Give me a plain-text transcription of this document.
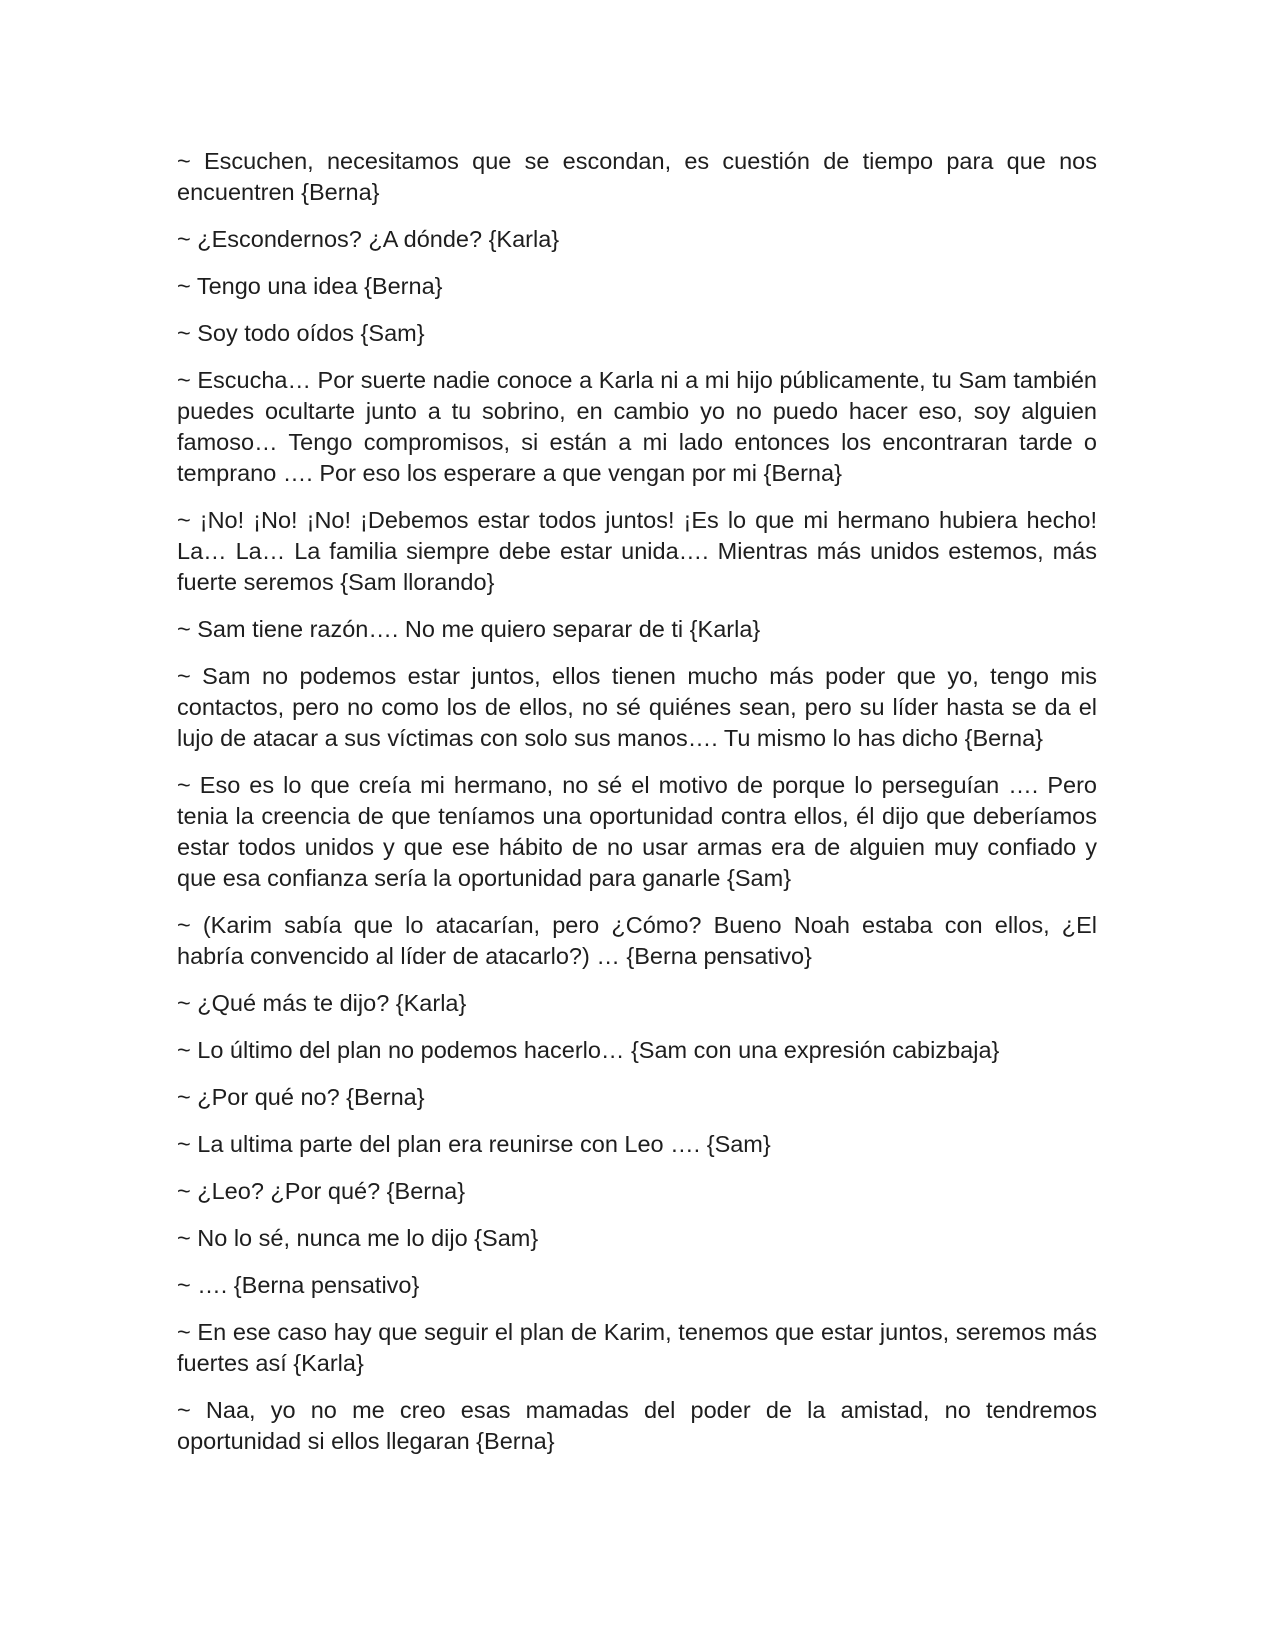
~ Escuchen, necesitamos que se escondan, es cuestión de tiempo para que nos encuentren {Berna}

~ ¿Escondernos? ¿A dónde? {Karla}

~ Tengo una idea {Berna}

~ Soy todo oídos {Sam}

~ Escucha… Por suerte nadie conoce a Karla ni a mi hijo públicamente, tu Sam también puedes ocultarte junto a tu sobrino, en cambio yo no puedo hacer eso, soy alguien famoso… Tengo compromisos, si están a mi lado entonces los encontraran tarde o temprano …. Por eso los esperare a que vengan por mi {Berna}

~ ¡No! ¡No! ¡No! ¡Debemos estar todos juntos! ¡Es lo que mi hermano hubiera hecho! La… La… La familia siempre debe estar unida…. Mientras más unidos estemos, más fuerte seremos {Sam llorando}

~ Sam tiene razón…. No me quiero separar de ti {Karla}

~ Sam no podemos estar juntos, ellos tienen mucho más poder que yo, tengo mis contactos, pero no como los de ellos, no sé quiénes sean, pero su líder hasta se da el lujo de atacar a sus víctimas con solo sus manos…. Tu mismo lo has dicho {Berna}

~ Eso es lo que creía mi hermano, no sé el motivo de porque lo perseguían …. Pero tenia la creencia de que teníamos una oportunidad contra ellos, él dijo que deberíamos estar todos unidos y que ese hábito de no usar armas era de alguien muy confiado y que esa confianza sería la oportunidad para ganarle {Sam}

~ (Karim sabía que lo atacarían, pero ¿Cómo? Bueno Noah estaba con ellos, ¿El habría convencido al líder de atacarlo?) … {Berna pensativo}

~ ¿Qué más te dijo? {Karla}

~ Lo último del plan no podemos hacerlo… {Sam con una expresión cabizbaja}

~ ¿Por qué no? {Berna}

~ La ultima parte del plan era reunirse con Leo …. {Sam}

~ ¿Leo? ¿Por qué? {Berna}

~ No lo sé, nunca me lo dijo {Sam}

~ …. {Berna pensativo}

~ En ese caso hay que seguir el plan de Karim, tenemos que estar juntos, seremos más fuertes así {Karla}

~ Naa, yo no me creo esas mamadas del poder de la amistad, no tendremos oportunidad si ellos llegaran {Berna}
